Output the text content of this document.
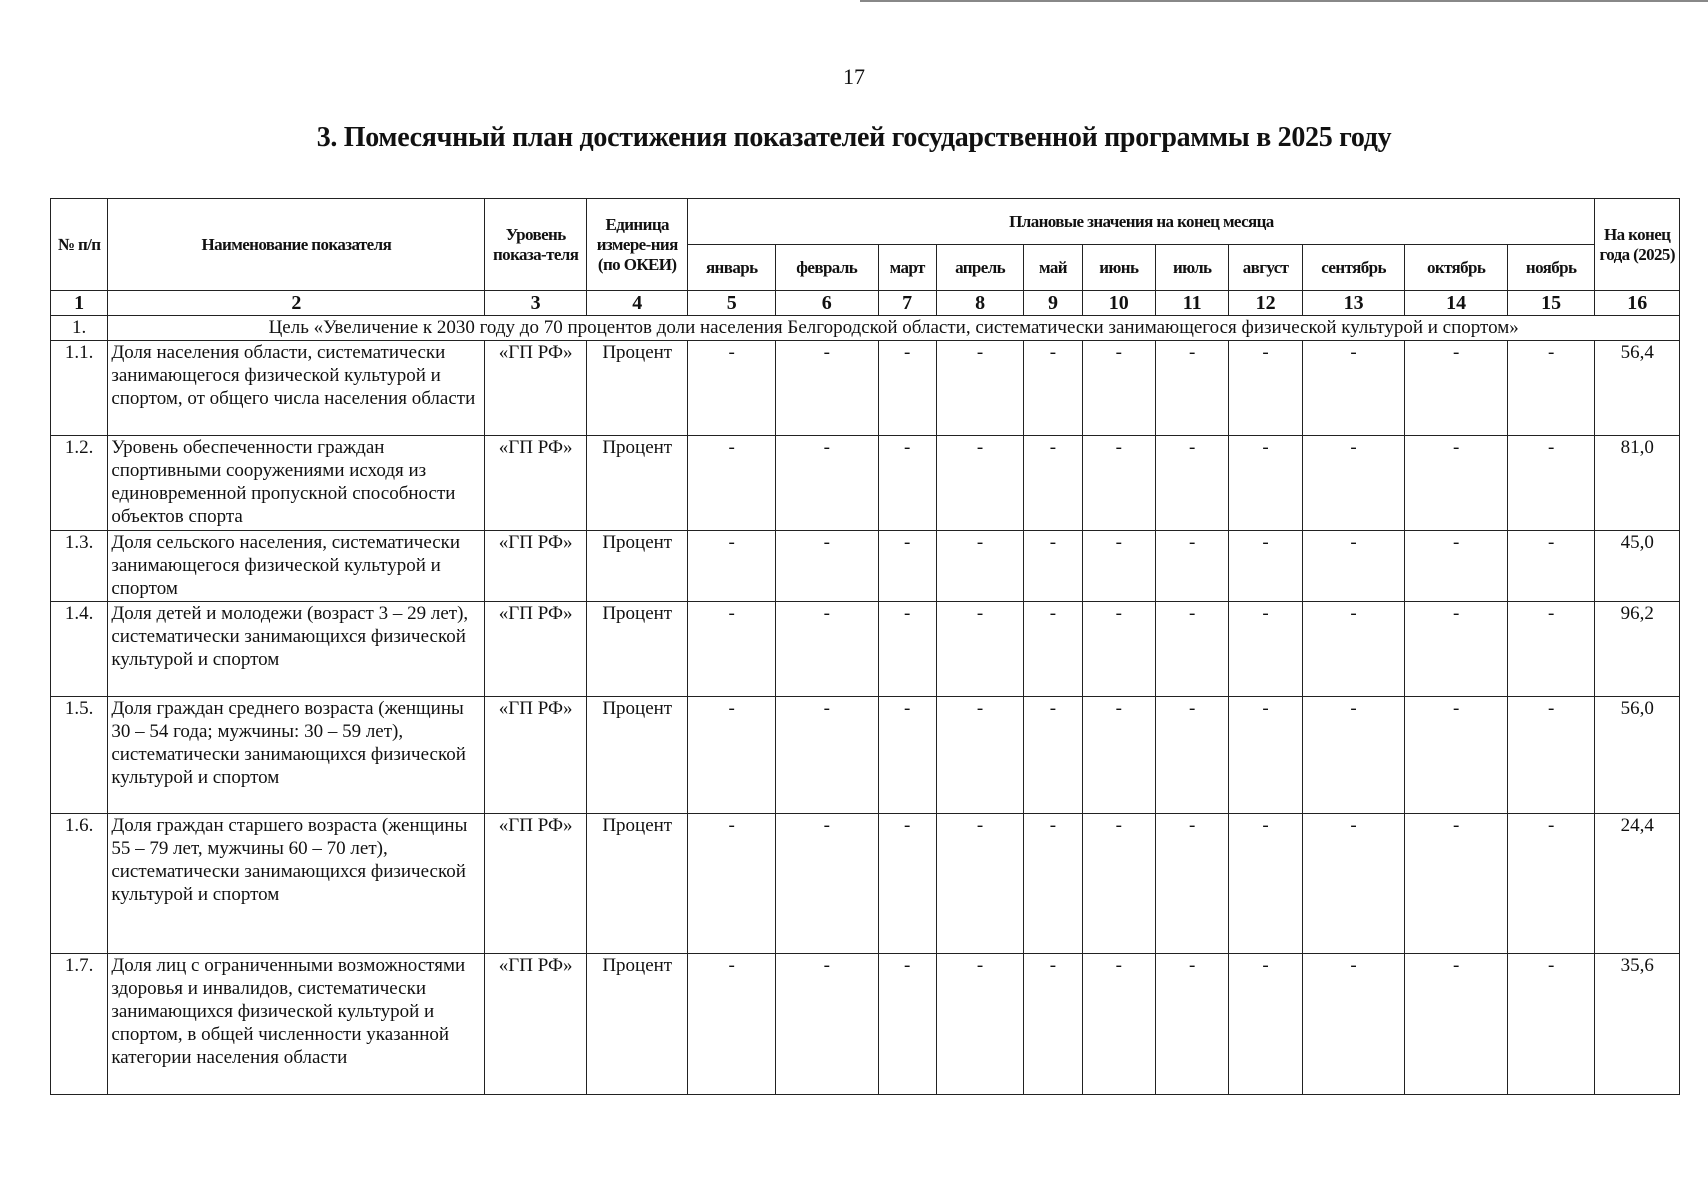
17
3. Помесячный план достижения показателей государственной программы в 2025 году
№ п/п	Наименование показателя	Уровень показа-теля	Единица измере-ния (по ОКЕИ)	Плановые значения на конец месяца											На конец года (2025)
				январь	февраль	март	апрель	май	июнь	июль	август	сентябрь	октябрь	ноябрь	
1	2	3	4	5	6	7	8	9	10	11	12	13	14	15	16
1.	Цель «Увеличение к 2030 году до 70 процентов доли населения Белгородской области, систематически занимающегося физической культурой и спортом»														
1.1.	Доля населения области, систематически занимающегося физической культурой и спортом, от общего числа населения области	«ГП РФ»	Процент	-	-	-	-	-	-	-	-	-	-	-	56,4
1.2.	Уровень обеспеченности граждан спортивными сооружениями исходя из единовременной пропускной способности объектов спорта	«ГП РФ»	Процент	-	-	-	-	-	-	-	-	-	-	-	81,0
1.3.	Доля сельского населения, систематически занимающегося физической культурой и спортом	«ГП РФ»	Процент	-	-	-	-	-	-	-	-	-	-	-	45,0
1.4.	Доля детей и молодежи (возраст 3 – 29 лет), систематически занимающихся физической культурой и спортом	«ГП РФ»	Процент	-	-	-	-	-	-	-	-	-	-	-	96,2
1.5.	Доля граждан среднего возраста (женщины 30 – 54 года; мужчины: 30 – 59 лет), систематически занимающихся физической культурой и спортом	«ГП РФ»	Процент	-	-	-	-	-	-	-	-	-	-	-	56,0
1.6.	Доля граждан старшего возраста (женщины 55 – 79 лет, мужчины 60 – 70 лет), систематически занимающихся физической культурой и спортом	«ГП РФ»	Процент	-	-	-	-	-	-	-	-	-	-	-	24,4
1.7.	Доля лиц с ограниченными возможностями здоровья и инвалидов, систематически занимающихся физической культурой и спортом, в общей численности указанной категории населения области	«ГП РФ»	Процент	-	-	-	-	-	-	-	-	-	-	-	35,6
